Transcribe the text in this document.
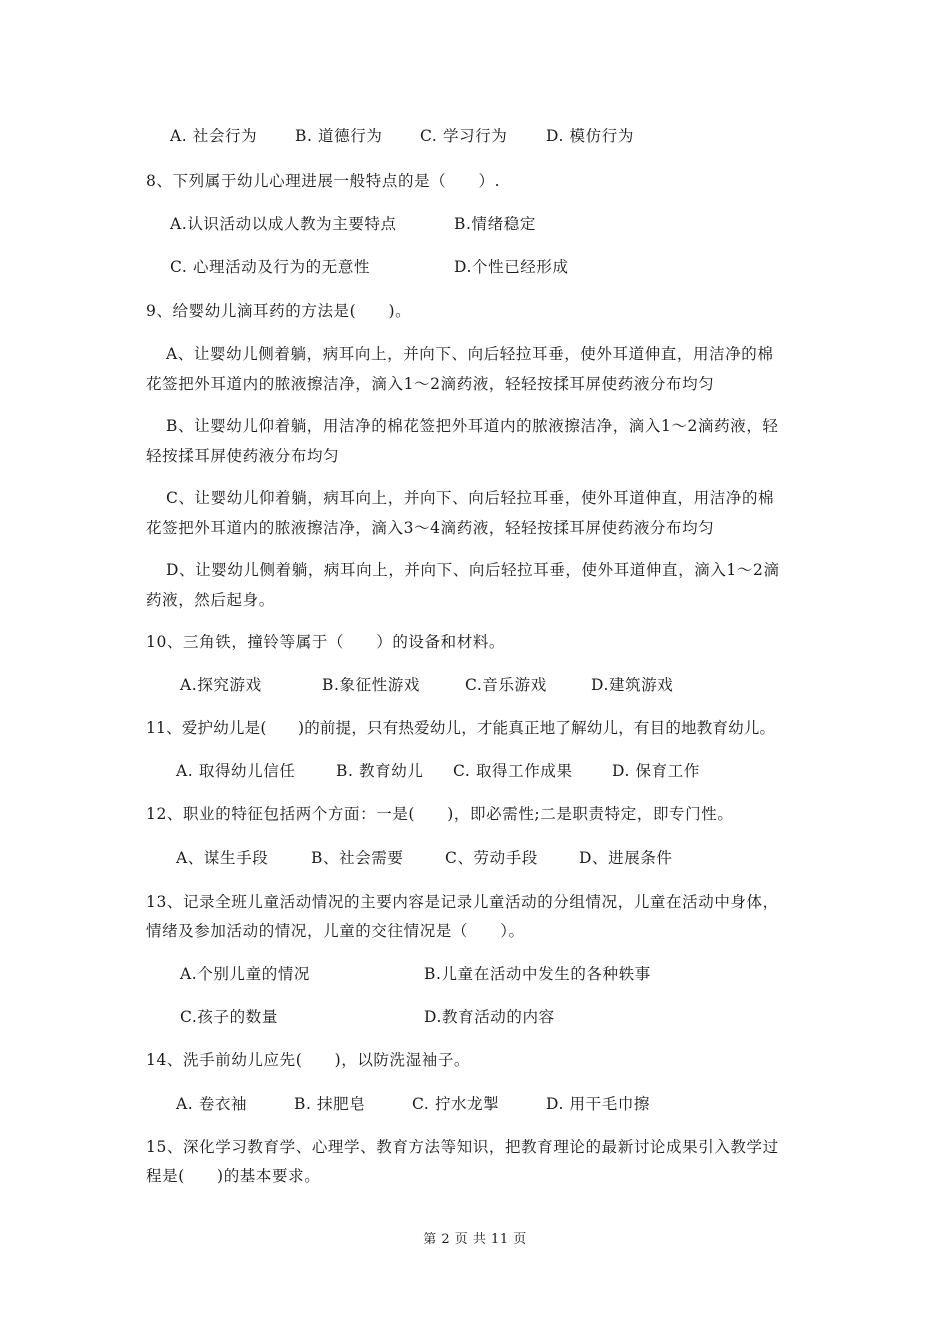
A. 社会行为 B. 道德行为 C. 学习行为 D. 模仿行为
8、下列属于幼儿心理进展一般特点的是（　　）.
A.认识活动以成人教为主要特点	B.情绪稳定
C. 心理活动及行为的无意性	D.个性已经形成
9、给婴幼儿滴耳药的方法是(　　)。
A、让婴幼儿侧着躺，病耳向上，并向下、向后轻拉耳垂，使外耳道伸直，用洁净的棉
花签把外耳道内的脓液擦洁净，滴入1～2滴药液，轻轻按揉耳屏使药液分布均匀
B、让婴幼儿仰着躺，用洁净的棉花签把外耳道内的脓液擦洁净，滴入1～2滴药液，轻
轻按揉耳屏使药液分布均匀
C、让婴幼儿仰着躺，病耳向上，并向下、向后轻拉耳垂，使外耳道伸直，用洁净的棉
花签把外耳道内的脓液擦洁净，滴入3～4滴药液，轻轻按揉耳屏使药液分布均匀
D、让婴幼儿侧着躺，病耳向上，并向下、向后轻拉耳垂，使外耳道伸直，滴入1～2滴
药液，然后起身。
10、三角铁，撞铃等属于（　　）的设备和材料。
A.探究游戏	B.象征性游戏	C.音乐游戏	D.建筑游戏
11、爱护幼儿是(　　)的前提，只有热爱幼儿，才能真正地了解幼儿，有目的地教育幼儿。
A. 取得幼儿信任	B. 教育幼儿 C. 取得工作成果	D. 保育工作
12、职业的特征包括两个方面：一是(　　)，即必需性;二是职责特定，即专门性。
A、谋生手段	B、社会需要	C、劳动手段	D、进展条件
13、记录全班儿童活动情况的主要内容是记录儿童活动的分组情况，儿童在活动中身体，
情绪及参加活动的情况，儿童的交往情况是（　　）。
A.个别儿童的情况	B.儿童在活动中发生的各种轶事
C.孩子的数量	D.教育活动的内容
14、洗手前幼儿应先(　　)，以防洗湿袖子。
A. 卷衣袖	B. 抹肥皂	C. 拧水龙掣	D. 用干毛巾擦
15、深化学习教育学、心理学、教育方法等知识，把教育理论的最新讨论成果引入教学过
程是(　　)的基本要求。
第 2 页 共 11 页
